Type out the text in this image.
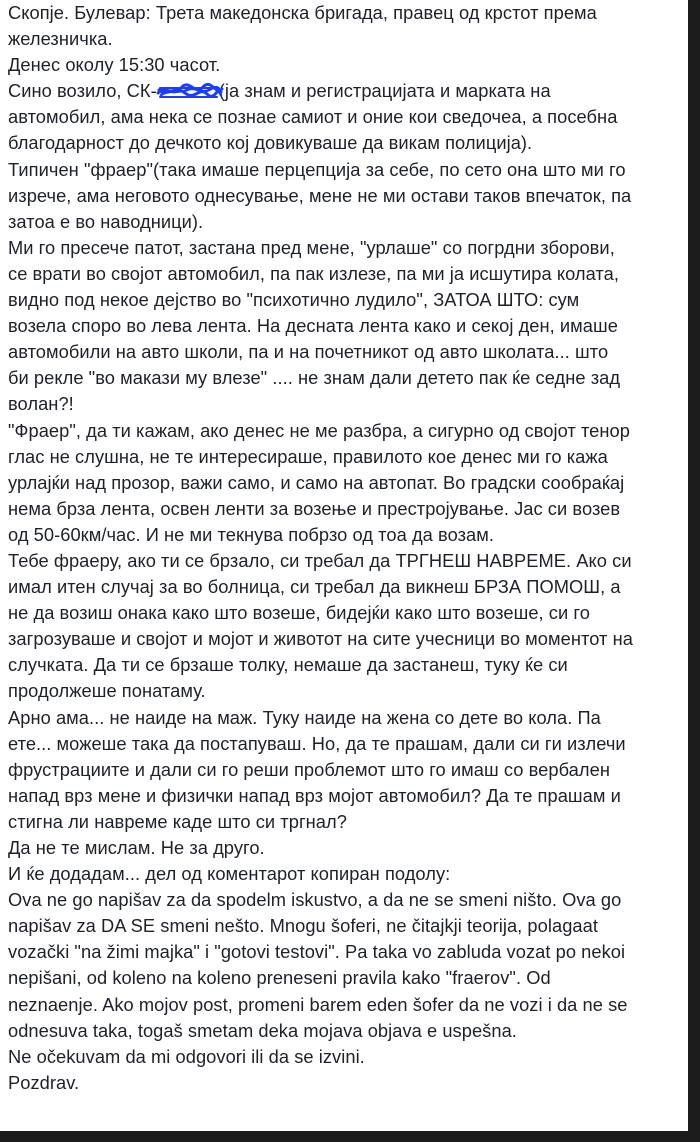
Скопје. Булевар: Трета македонска бригада, правец од крстот према
железничка.
Денес околу 15:30 часот.
Сино возило, СК-	(ја знам и регистрацијата и марката на
автомобил, ама нека се познае самиот и оние кои сведочеа, а посебна
благодарност до дечкото кој довикуваше да викам полиција).
Типичен "фраер"(така имаше перцепција за себе, по сето она што ми го
изрече, ама неговото однесување, мене не ми остави таков впечаток, па
затоа е во наводници).
Ми го пресече патот, застана пред мене, "урлаше" со погрдни зборови,
се врати во својот автомобил, па пак излезе, па ми ја исшутира колата,
видно под некое дејство во "психотично лудило", ЗАТОА ШТО: сум
возела споро во лева лента. На десната лента како и секој ден, имаше
автомобили на авто школи, па и на почетникот од авто школата... што
би рекле "во макази му влезе" .... не знам дали детето пак ќе седне зад
волан?!
"Фраер", да ти кажам, ако денес не ме разбра, а сигурно од својот тенор
глас не слушна, не те интересираше, правилото кое денес ми го кажа
урлајќи над прозор, важи само, и само на автопат. Во градски сообраќај
нема брза лента, освен ленти за возење и престројување. Јас си возев
од 50-60км/час. И не ми текнува побрзо од тоа да возам.
Тебе фраеру, ако ти се брзало, си требал да ТРГНЕШ НАВРЕМЕ. Ако си
имал итен случај за во болница, си требал да викнеш БРЗА ПОМОШ, а
не да возиш онака како што возеше, бидејќи како што возеше, си го
загрозуваше и својот и мојот и животот на сите учесници во моментот на
случката. Да ти се брзаше толку, немаше да застанеш, туку ќе си
продолжеше понатаму.
Арно ама... не наиде на маж. Туку наиде на жена со дете во кола. Па
ете... можеше така да постапуваш. Но, да те прашам, дали си ги излечи
фрустрациите и дали си го реши проблемот што го имаш со вербален
напад врз мене и физички напад врз мојот автомобил? Да те прашам и
стигна ли навреме каде што си тргнал?
Да не те мислам. Не за друго.
И ќе додадам... дел од коментарот копиран подолу:
Ova ne go napišav za da spodelm iskustvo, a da ne se smeni ništo. Ova go
napišav za DA SE smeni nešto. Mnogu šoferi, ne čitajkji teorija, polagaat
vozački "na žimi majka" i "gotovi testovi". Pa taka vo zabluda vozat po nekoi
nepišani, od koleno na koleno preneseni pravila kako "fraerov". Od
neznaenje. Ako mojov post, promeni barem eden šofer da ne vozi i da ne se
odnesuva taka, togaš smetam deka mojava objava e uspešna.
Ne očekuvam da mi odgovori ili da se izvini.
Pozdrav.
